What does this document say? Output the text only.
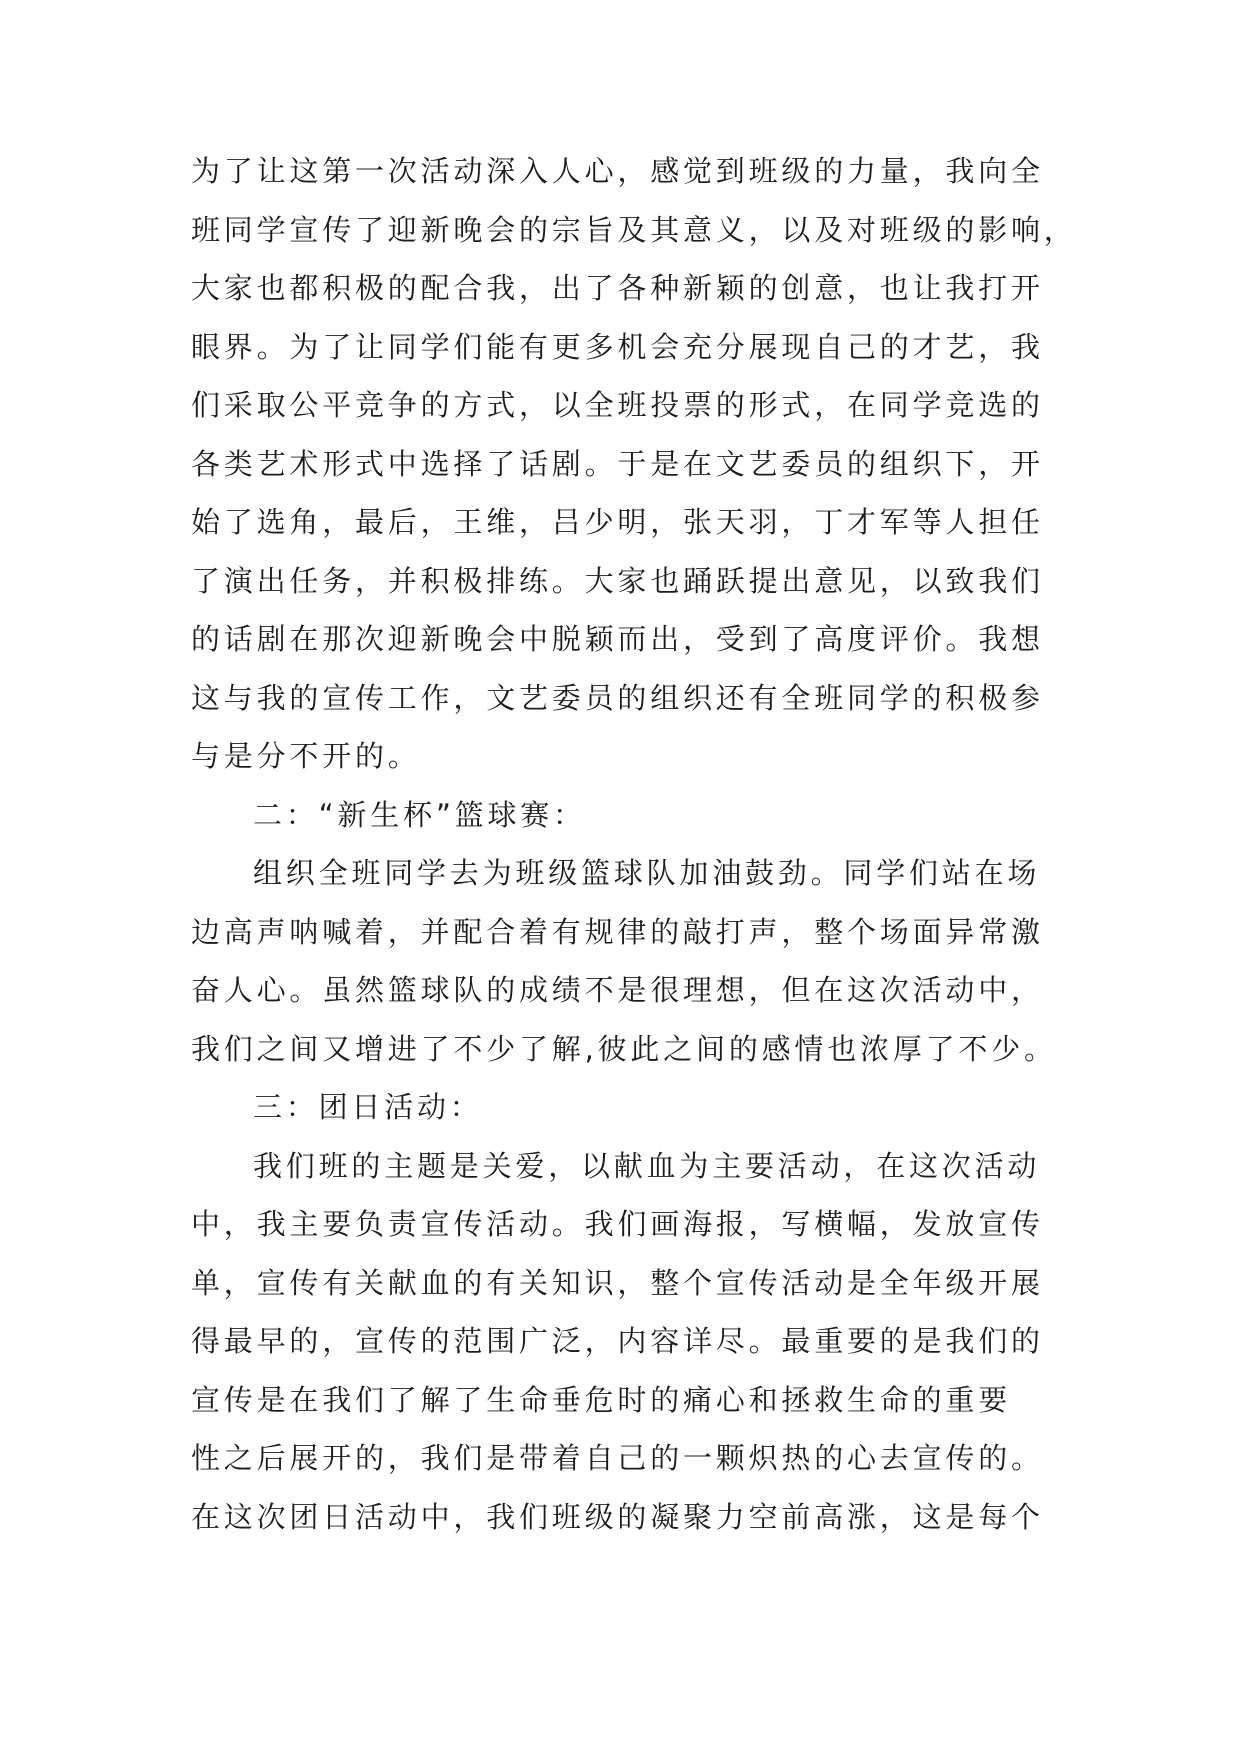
为了让这第一次活动深入人心，感觉到班级的力量，我向全
班同学宣传了迎新晚会的宗旨及其意义，以及对班级的影响，
大家也都积极的配合我，出了各种新颖的创意，也让我打开
眼界。为了让同学们能有更多机会充分展现自己的才艺，我
们采取公平竞争的方式，以全班投票的形式，在同学竞选的
各类艺术形式中选择了话剧。于是在文艺委员的组织下，开
始了选角，最后，王维，吕少明，张天羽，丁才军等人担任
了演出任务，并积极排练。大家也踊跃提出意见，以致我们
的话剧在那次迎新晚会中脱颖而出，受到了高度评价。我想
这与我的宣传工作，文艺委员的组织还有全班同学的积极参
与是分不开的。
二：“新生杯”篮球赛：
组织全班同学去为班级篮球队加油鼓劲。同学们站在场
边高声呐喊着，并配合着有规律的敲打声，整个场面异常激
奋人心。虽然篮球队的成绩不是很理想，但在这次活动中，
我们之间又增进了不少了解,彼此之间的感情也浓厚了不少。
三：团日活动：
我们班的主题是关爱，以献血为主要活动，在这次活动
中，我主要负责宣传活动。我们画海报，写横幅，发放宣传
单，宣传有关献血的有关知识，整个宣传活动是全年级开展
得最早的，宣传的范围广泛，内容详尽。最重要的是我们的
宣传是在我们了解了生命垂危时的痛心和拯救生命的重要
性之后展开的，我们是带着自己的一颗炽热的心去宣传的。
在这次团日活动中，我们班级的凝聚力空前高涨，这是每个
